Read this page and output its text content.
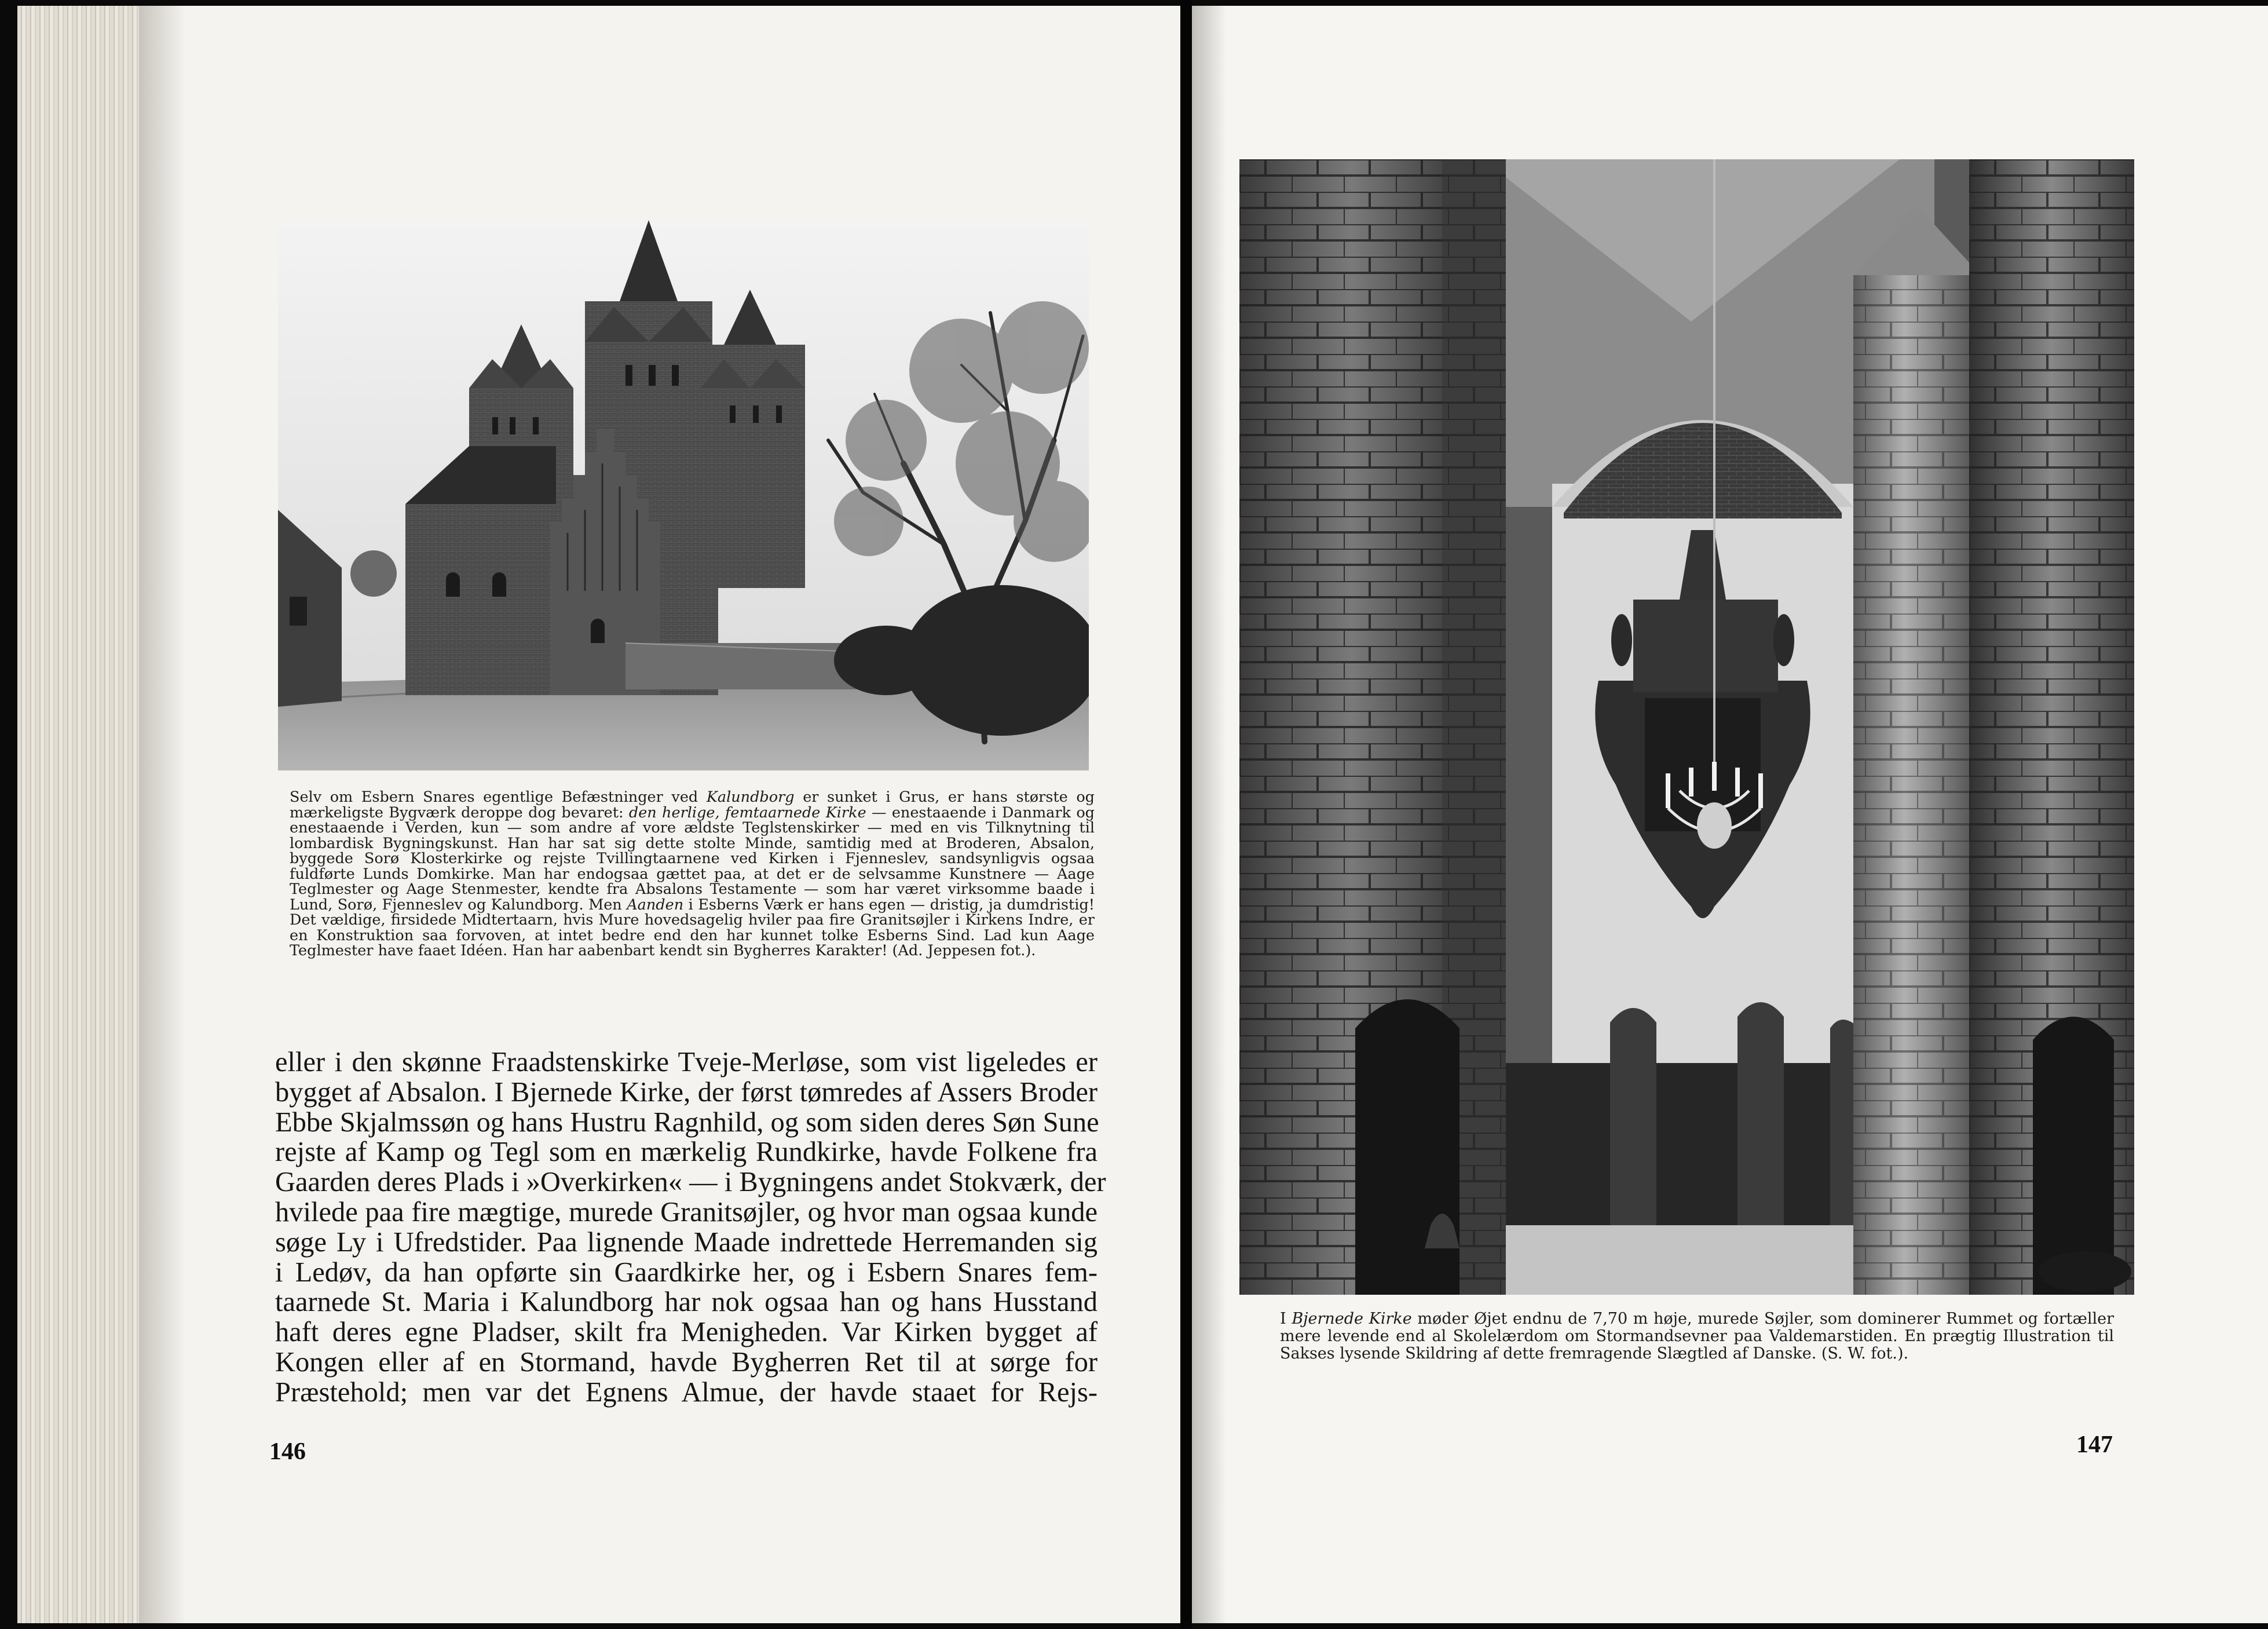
Selv om Esbern Snares egentlige Befæstninger ved Kalundborg er sunket i Grus, er hans største og mærkeligste Bygværk deroppe dog bevaret: den herlige, femtaarnede Kirke — enestaaende i Danmark og enestaaende i Verden, kun — som andre af vore ældste Teglstenskirker — med en vis Tilknytning til lombardisk Bygningskunst. Han har sat sig dette stolte Minde, samtidig med at Broderen, Absalon, byggede Sorø Klosterkirke og rejste Tvillingtaarnene ved Kirken i Fjenneslev, sandsynligvis ogsaa fuldførte Lunds Domkirke. Man har endogsaa gættet paa, at det er de selvsamme Kunstnere — Aage Teglmester og Aage Stenmester, kendte fra Absalons Testamente — som har været virksomme baade i Lund, Sorø, Fjenneslev og Kalundborg. Men Aanden i Esberns Værk er hans egen — dristig, ja dumdristig! Det vældige, firsidede Midtertaarn, hvis Mure hovedsagelig hviler paa fire Granitsøjler i Kirkens Indre, er en Konstruktion saa forvoven, at intet bedre end den har kunnet tolke Esberns Sind. Lad kun Aage Teglmester have faaet Idéen. Han har aabenbart kendt sin Bygherres Karakter! (Ad. Jeppesen fot.).
eller i den skønne Fraadstenskirke Tveje-Merløse, som vist ligeledes er
bygget af Absalon. I Bjernede Kirke, der først tømredes af Assers Broder
Ebbe Skjalmssøn og hans Hustru Ragnhild, og som siden deres Søn Sune
rejste af Kamp og Tegl som en mærkelig Rundkirke, havde Folkene fra
Gaarden deres Plads i »Overkirken« — i Bygningens andet Stokværk, der
hvilede paa fire mægtige, murede Granitsøjler, og hvor man ogsaa kunde
søge Ly i Ufredstider. Paa lignende Maade indrettede Herremanden sig
i Ledøv, da han opførte sin Gaardkirke her, og i Esbern Snares fem-
taarnede St. Maria i Kalundborg har nok ogsaa han og hans Husstand
haft deres egne Pladser, skilt fra Menigheden. Var Kirken bygget af
Kongen eller af en Stormand, havde Bygherren Ret til at sørge for
Præstehold; men var det Egnens Almue, der havde staaet for Rejs-
146
I Bjernede Kirke møder Øjet endnu de 7,70 m høje, murede Søjler, som dominerer Rummet og fortæller mere levende end al Skolelærdom om Stormandsevner paa Valdemarstiden. En prægtig Illustration til Sakses lysende Skildring af dette fremragende Slægtled af Danske. (S. W. fot.).
147
